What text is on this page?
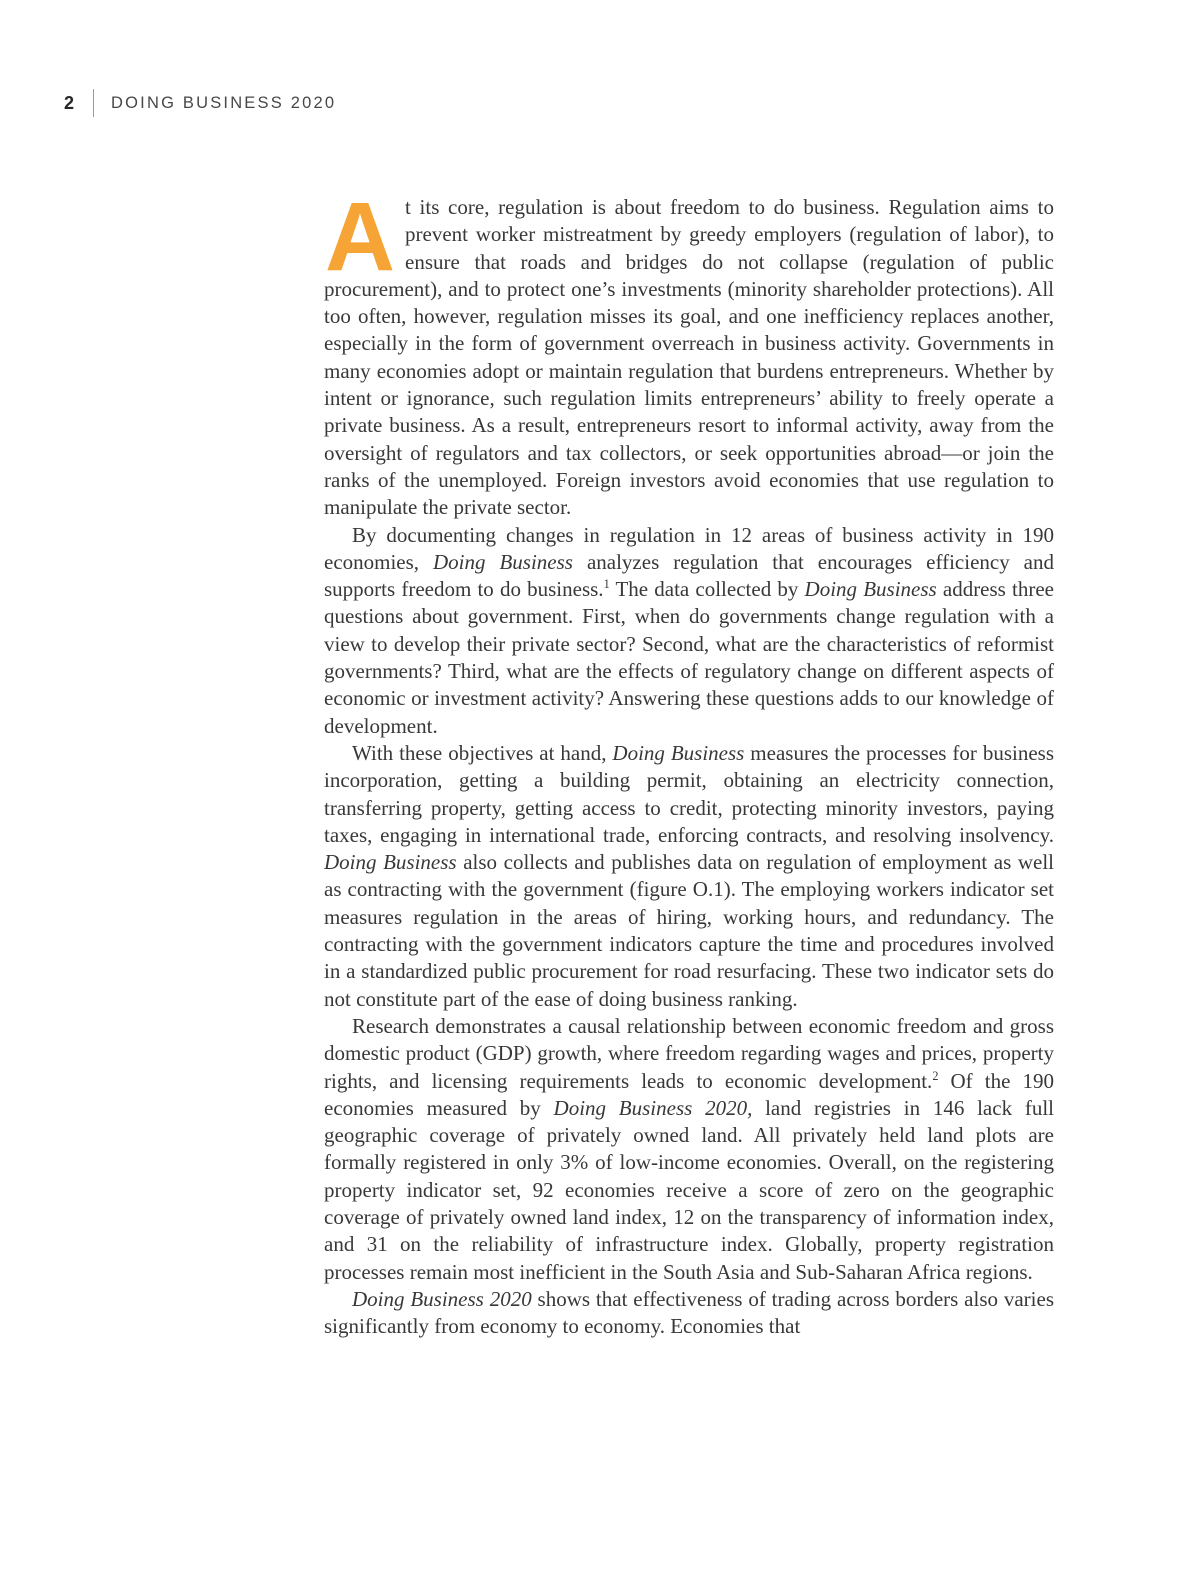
2 DOING BUSINESS 2020

At its core, regulation is about freedom to do business. Regulation aims to prevent worker mistreatment by greedy employers (regulation of labor), to ensure that roads and bridges do not collapse (regulation of public procurement), and to protect one’s investments (minority shareholder protections). All too often, however, regulation misses its goal, and one inefficiency replaces another, especially in the form of government overreach in business activity. Governments in many economies adopt or maintain regulation that burdens entrepreneurs. Whether by intent or ignorance, such regulation limits entrepreneurs’ ability to freely operate a private business. As a result, entrepreneurs resort to informal activity, away from the oversight of regulators and tax collectors, or seek opportunities abroad—or join the ranks of the unemployed. Foreign investors avoid economies that use regulation to manipulate the private sector.

By documenting changes in regulation in 12 areas of business activity in 190 economies, Doing Business analyzes regulation that encourages efficiency and supports freedom to do business.$^1$ The data collected by Doing Business address three questions about government. First, when do governments change regulation with a view to develop their private sector? Second, what are the characteristics of reformist governments? Third, what are the effects of regulatory change on different aspects of economic or investment activity? Answering these questions adds to our knowledge of development.

With these objectives at hand, Doing Business measures the processes for business incorporation, getting a building permit, obtaining an electricity connection, transferring property, getting access to credit, protecting minority investors, paying taxes, engaging in international trade, enforcing contracts, and resolving insolvency. Doing Business also collects and publishes data on regulation of employment as well as contracting with the government (figure O.1). The employing workers indicator set measures regulation in the areas of hiring, working hours, and redundancy. The contracting with the government indicators capture the time and procedures involved in a standardized public procurement for road resurfacing. These two indicator sets do not constitute part of the ease of doing business ranking.

Research demonstrates a causal relationship between economic freedom and gross domestic product (GDP) growth, where freedom regarding wages and prices, property rights, and licensing requirements leads to economic development.$^2$ Of the 190 economies measured by Doing Business 2020, land registries in 146 lack full geographic coverage of privately owned land. All privately held land plots are formally registered in only 3% of low-income economies. Overall, on the registering property indicator set, 92 economies receive a score of zero on the geographic coverage of privately owned land index, 12 on the transparency of information index, and 31 on the reliability of infrastructure index. Globally, property registration processes remain most inefficient in the South Asia and Sub-Saharan Africa regions.

Doing Business 2020 shows that effectiveness of trading across borders also varies significantly from economy to economy. Economies that
